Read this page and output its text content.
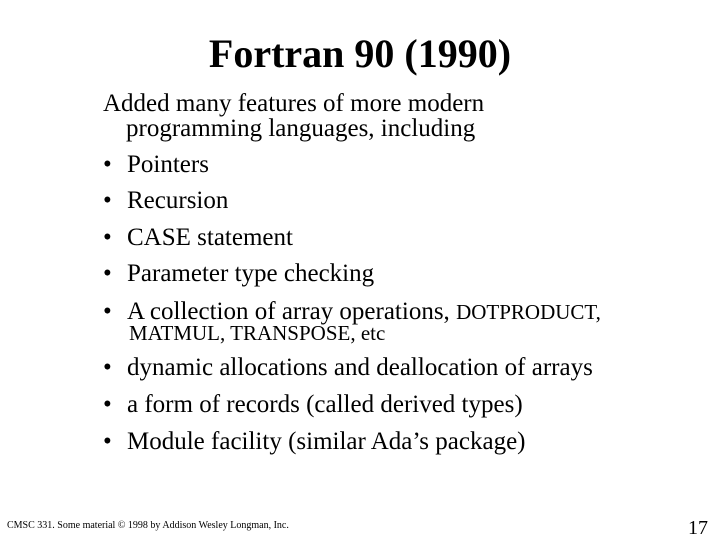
Fortran 90 (1990)
Added many features of more modern
programming languages, including
• Pointers
• Recursion
• CASE statement
• Parameter type checking
• A collection of array operations, DOTPRODUCT,
MATMUL, TRANSPOSE, etc
• dynamic allocations and deallocation of arrays
• a form of records (called derived types)
• Module facility (similar Ada’s package)
CMSC 331. Some material © 1998 by Addison Wesley Longman, Inc.	17
